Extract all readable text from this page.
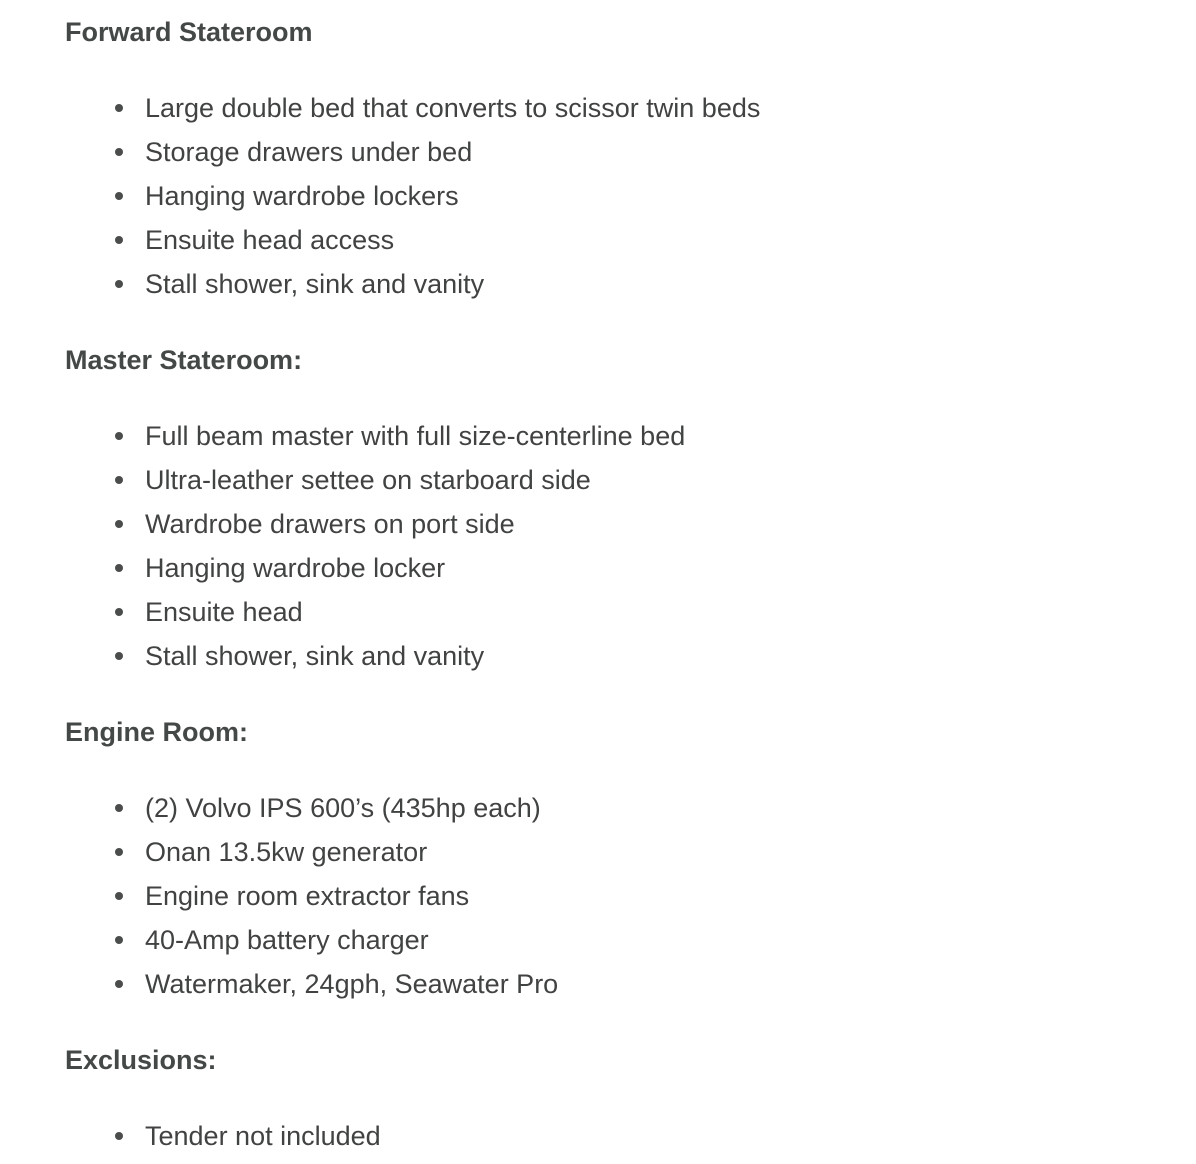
Forward Stateroom
Large double bed that converts to scissor twin beds
Storage drawers under bed
Hanging wardrobe lockers
Ensuite head access
Stall shower, sink and vanity
Master Stateroom:
Full beam master with full size-centerline bed
Ultra-leather settee on starboard side
Wardrobe drawers on port side
Hanging wardrobe locker
Ensuite head
Stall shower, sink and vanity
Engine Room:
(2) Volvo IPS 600’s (435hp each)
Onan 13.5kw generator
Engine room extractor fans
40-Amp battery charger
Watermaker, 24gph, Seawater Pro
Exclusions:
Tender not included
